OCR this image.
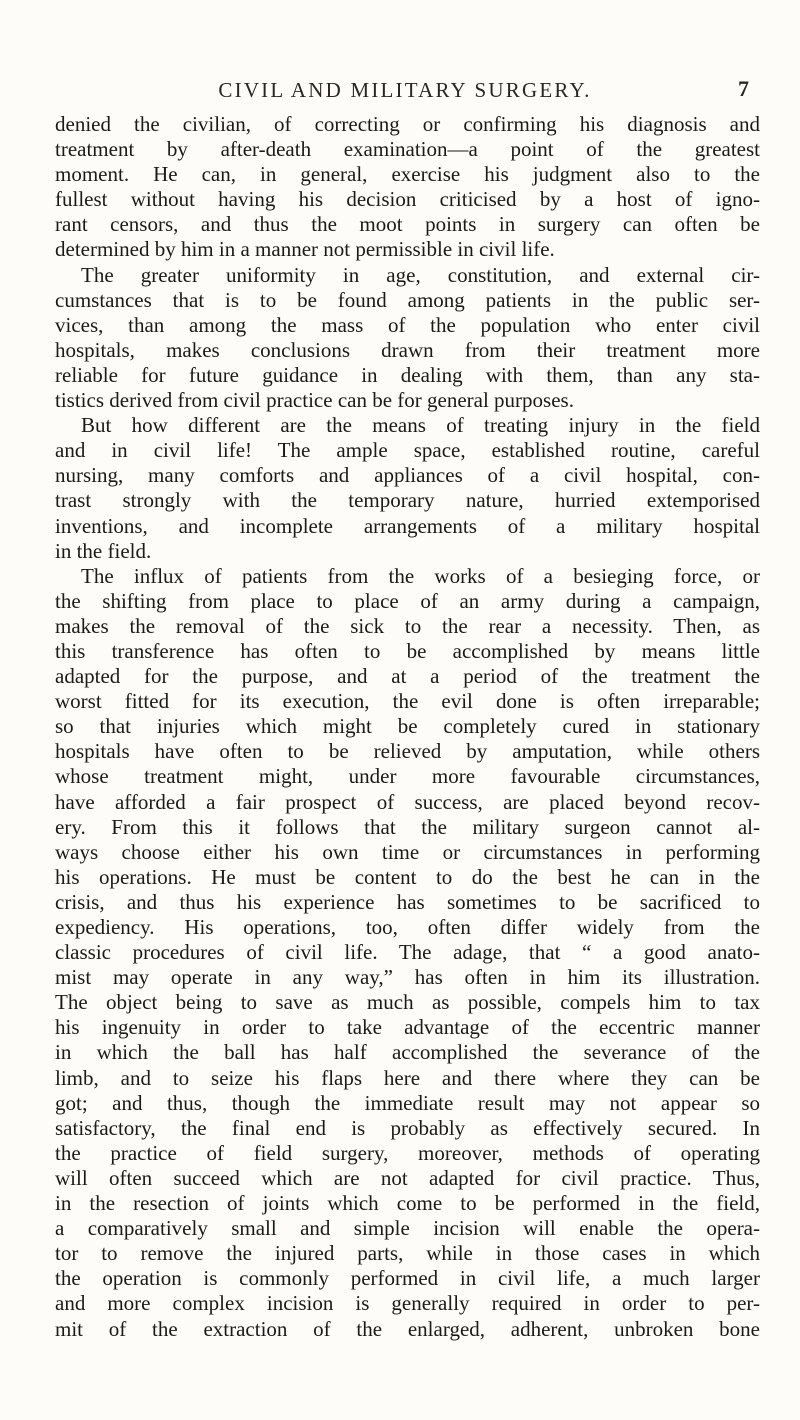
CIVIL AND MILITARY SURGERY.	7
denied the civilian, of correcting or confirming his diagnosis and
treatment by after-death examination—a point of the greatest
moment. He can, in general, exercise his judgment also to the
fullest without having his decision criticised by a host of igno-
rant censors, and thus the moot points in surgery can often be
determined by him in a manner not permissible in civil life.
The greater uniformity in age, constitution, and external cir-
cumstances that is to be found among patients in the public ser-
vices, than among the mass of the population who enter civil
hospitals, makes conclusions drawn from their treatment more
reliable for future guidance in dealing with them, than any sta-
tistics derived from civil practice can be for general purposes.
But how different are the means of treating injury in the field
and in civil life! The ample space, established routine, careful
nursing, many comforts and appliances of a civil hospital, con-
trast strongly with the temporary nature, hurried extemporised
inventions, and incomplete arrangements of a military hospital
in the field.
The influx of patients from the works of a besieging force, or
the shifting from place to place of an army during a campaign,
makes the removal of the sick to the rear a necessity. Then, as
this transference has often to be accomplished by means little
adapted for the purpose, and at a period of the treatment the
worst fitted for its execution, the evil done is often irreparable;
so that injuries which might be completely cured in stationary
hospitals have often to be relieved by amputation, while others
whose treatment might, under more favourable circumstances,
have afforded a fair prospect of success, are placed beyond recov-
ery. From this it follows that the military surgeon cannot al-
ways choose either his own time or circumstances in performing
his operations. He must be content to do the best he can in the
crisis, and thus his experience has sometimes to be sacrificed to
expediency. His operations, too, often differ widely from the
classic procedures of civil life. The adage, that “ a good anato-
mist may operate in any way,” has often in him its illustration.
The object being to save as much as possible, compels him to tax
his ingenuity in order to take advantage of the eccentric manner
in which the ball has half accomplished the severance of the
limb, and to seize his flaps here and there where they can be
got; and thus, though the immediate result may not appear so
satisfactory, the final end is probably as effectively secured. In
the practice of field surgery, moreover, methods of operating
will often succeed which are not adapted for civil practice. Thus,
in the resection of joints which come to be performed in the field,
a comparatively small and simple incision will enable the opera-
tor to remove the injured parts, while in those cases in which
the operation is commonly performed in civil life, a much larger
and more complex incision is generally required in order to per-
mit of the extraction of the enlarged, adherent, unbroken bone
